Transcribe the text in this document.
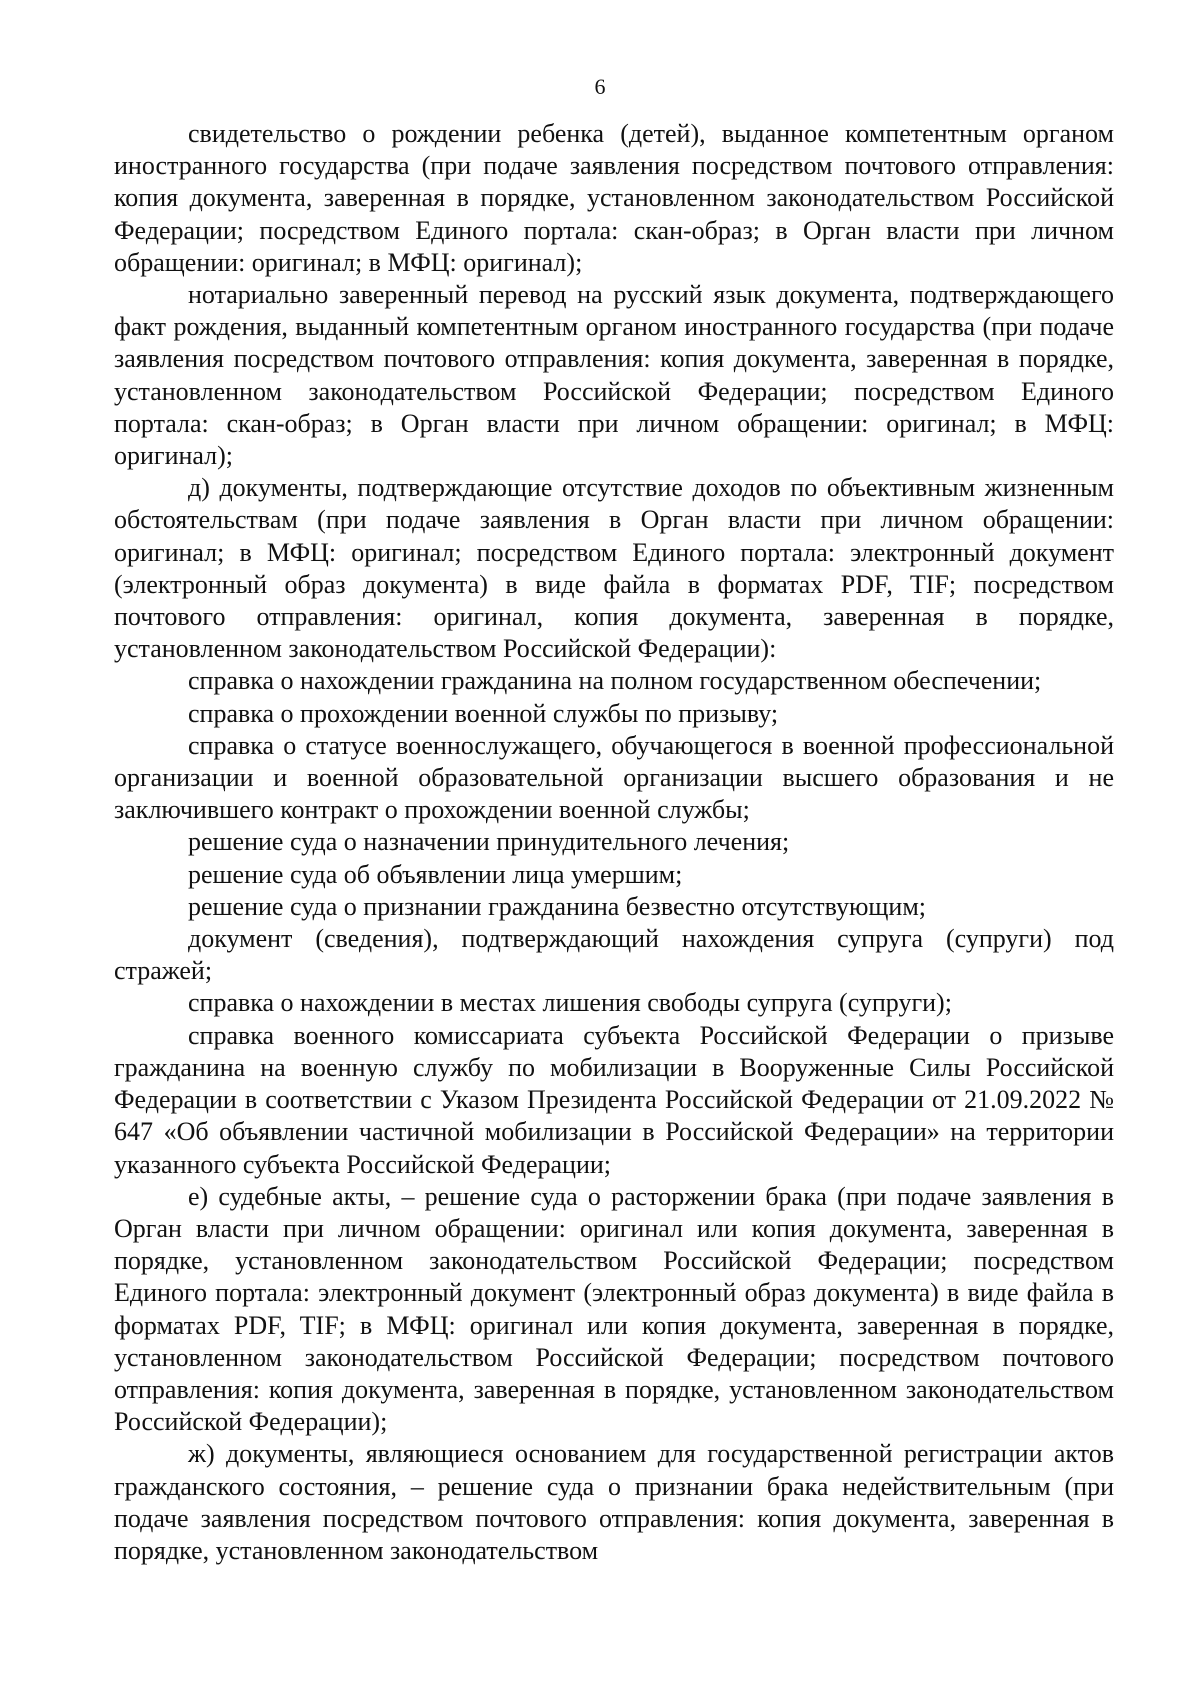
6

свидетельство о рождении ребенка (детей), выданное компетентным органом иностранного государства (при подаче заявления посредством почтового отправления: копия документа, заверенная в порядке, установленном законодательством Российской Федерации; посредством Единого портала: скан-образ; в Орган власти при личном обращении: оригинал; в МФЦ: оригинал);

нотариально заверенный перевод на русский язык документа, подтверждающего факт рождения, выданный компетентным органом иностранного государства (при подаче заявления посредством почтового отправления: копия документа, заверенная в порядке, установленном законодательством Российской Федерации; посредством Единого портала: скан-образ; в Орган власти при личном обращении: оригинал; в МФЦ: оригинал);

д) документы, подтверждающие отсутствие доходов по объективным жизненным обстоятельствам (при подаче заявления в Орган власти при личном обращении: оригинал; в МФЦ: оригинал; посредством Единого портала: электронный документ (электронный образ документа) в виде файла в форматах PDF, TIF; посредством почтового отправления: оригинал, копия документа, заверенная в порядке, установленном законодательством Российской Федерации):

справка о нахождении гражданина на полном государственном обеспечении;

справка о прохождении военной службы по призыву;

справка о статусе военнослужащего, обучающегося в военной профессиональной организации и военной образовательной организации высшего образования и не заключившего контракт о прохождении военной службы;

решение суда о назначении принудительного лечения;

решение суда об объявлении лица умершим;

решение суда о признании гражданина безвестно отсутствующим;

документ (сведения), подтверждающий нахождения супруга (супруги) под стражей;

справка о нахождении в местах лишения свободы супруга (супруги);

справка военного комиссариата субъекта Российской Федерации о призыве гражданина на военную службу по мобилизации в Вооруженные Силы Российской Федерации в соответствии с Указом Президента Российской Федерации от 21.09.2022 № 647 «Об объявлении частичной мобилизации в Российской Федерации» на территории указанного субъекта Российской Федерации;

е) судебные акты, – решение суда о расторжении брака (при подаче заявления в Орган власти при личном обращении: оригинал или копия документа, заверенная в порядке, установленном законодательством Российской Федерации; посредством Единого портала: электронный документ (электронный образ документа) в виде файла в форматах PDF, TIF; в МФЦ: оригинал или копия документа, заверенная в порядке, установленном законодательством Российской Федерации; посредством почтового отправления: копия документа, заверенная в порядке, установленном законодательством Российской Федерации);

ж) документы, являющиеся основанием для государственной регистрации актов гражданского состояния, – решение суда о признании брака недействительным (при подаче заявления посредством почтового отправления: копия документа, заверенная в порядке, установленном законодательством
